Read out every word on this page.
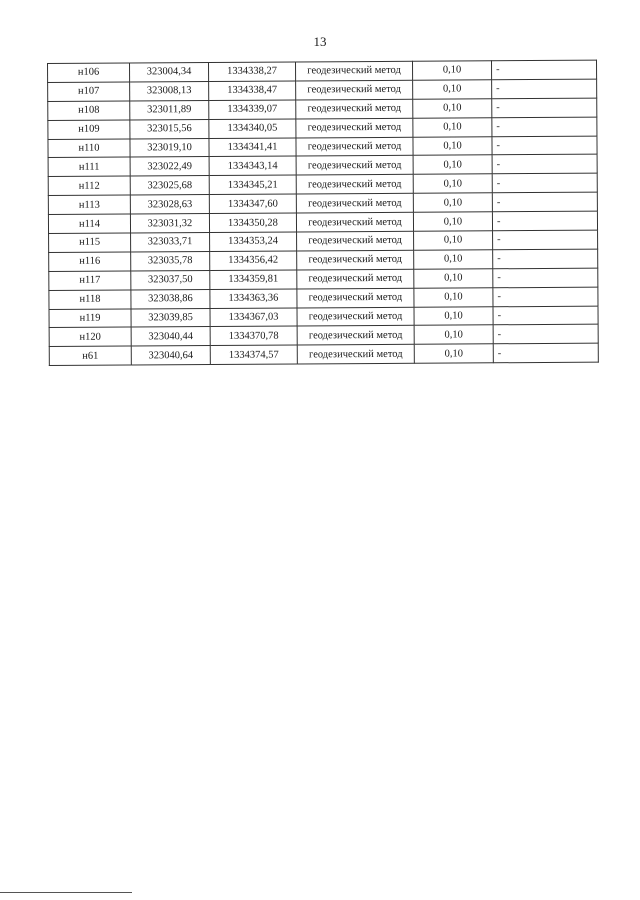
13
н106	323004,34	1334338,27	геодезический метод	0,10	-
н107	323008,13	1334338,47	геодезический метод	0,10	-
н108	323011,89	1334339,07	геодезический метод	0,10	-
н109	323015,56	1334340,05	геодезический метод	0,10	-
н110	323019,10	1334341,41	геодезический метод	0,10	-
н111	323022,49	1334343,14	геодезический метод	0,10	-
н112	323025,68	1334345,21	геодезический метод	0,10	-
н113	323028,63	1334347,60	геодезический метод	0,10	-
н114	323031,32	1334350,28	геодезический метод	0,10	-
н115	323033,71	1334353,24	геодезический метод	0,10	-
н116	323035,78	1334356,42	геодезический метод	0,10	-
н117	323037,50	1334359,81	геодезический метод	0,10	-
н118	323038,86	1334363,36	геодезический метод	0,10	-
н119	323039,85	1334367,03	геодезический метод	0,10	-
н120	323040,44	1334370,78	геодезический метод	0,10	-
н61	323040,64	1334374,57	геодезический метод	0,10	-
